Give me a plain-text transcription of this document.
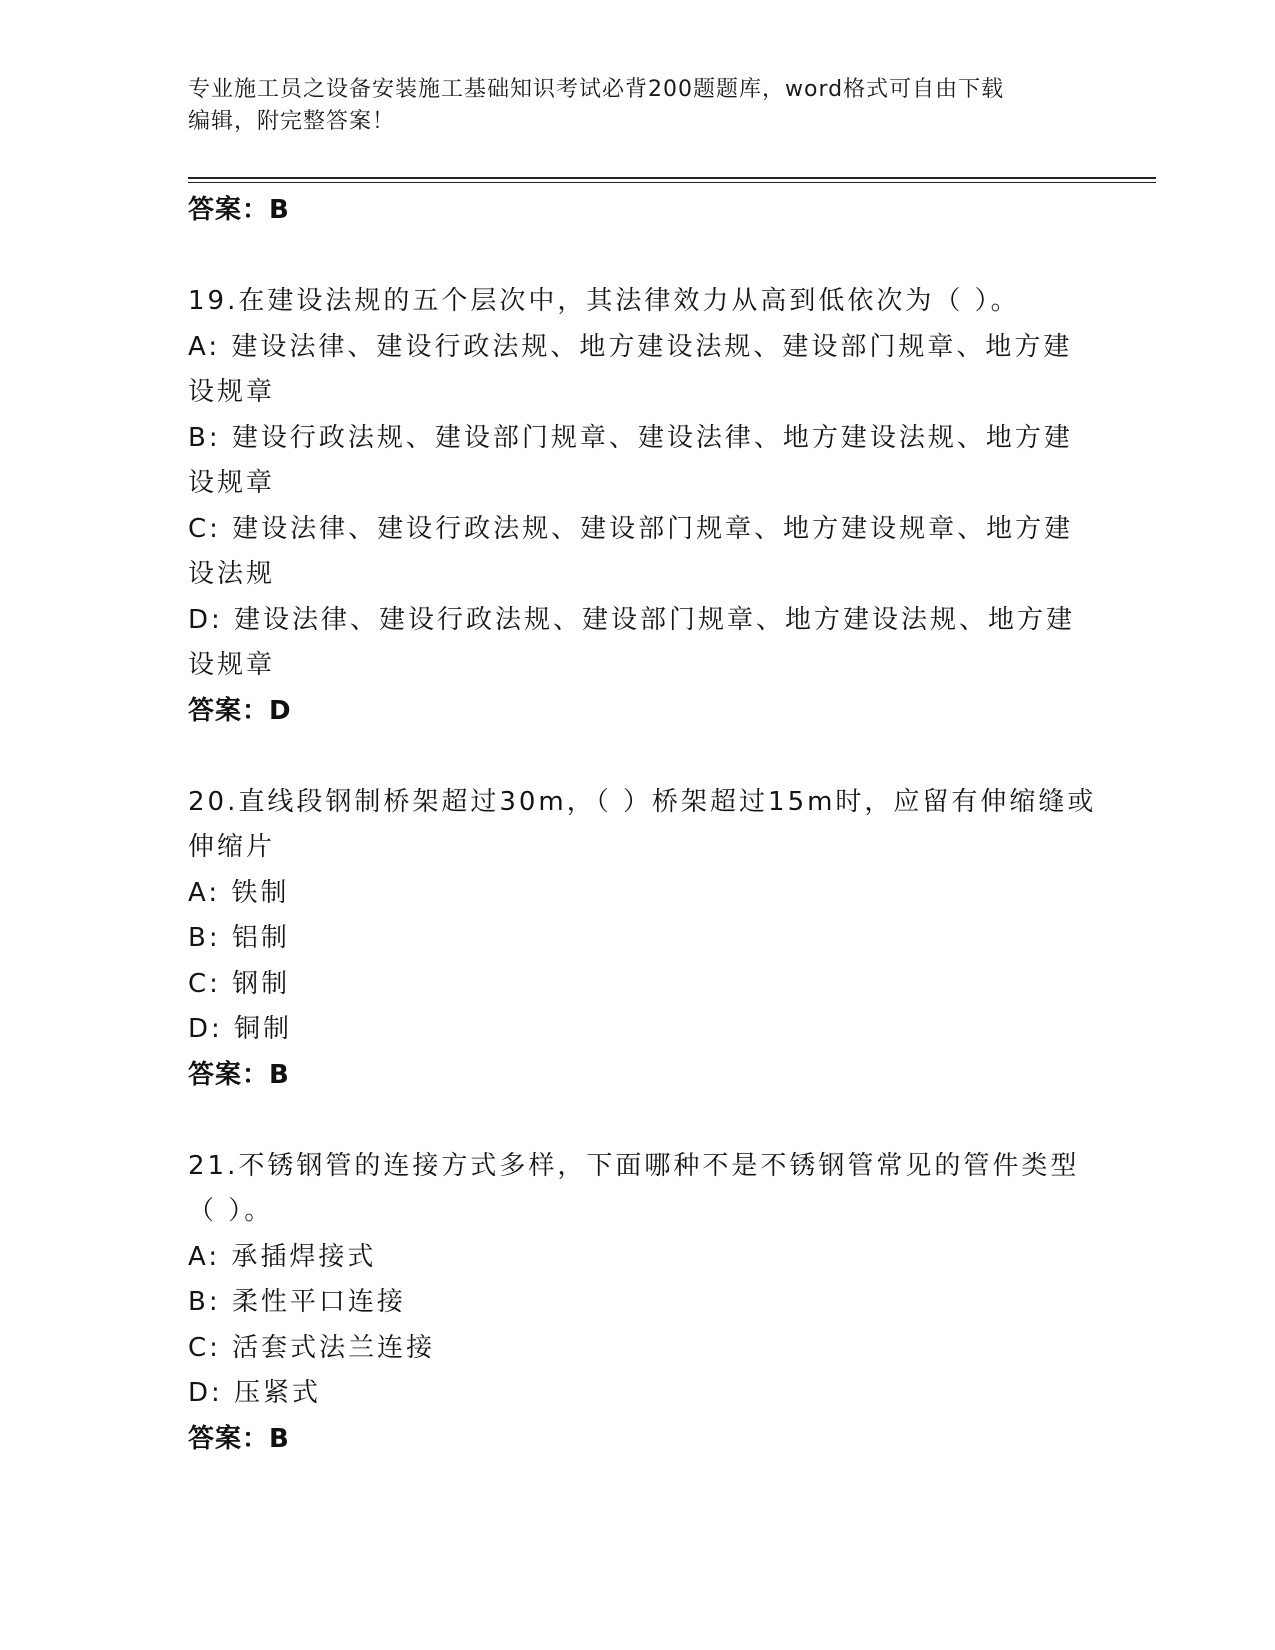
专业施工员之设备安装施工基础知识考试必背200题题库，word格式可自由下载
编辑，附完整答案！
答案：B
19.在建设法规的五个层次中，其法律效力从高到低依次为（ ）。
A: 建设法律、建设行政法规、地方建设法规、建设部门规章、地方建
设规章
B: 建设行政法规、建设部门规章、建设法律、地方建设法规、地方建
设规章
C: 建设法律、建设行政法规、建设部门规章、地方建设规章、地方建
设法规
D: 建设法律、建设行政法规、建设部门规章、地方建设法规、地方建
设规章
答案：D
20.直线段钢制桥架超过30m，（ ）桥架超过15m时，应留有伸缩缝或
伸缩片
A: 铁制
B: 铝制
C: 钢制
D: 铜制
答案：B
21.不锈钢管的连接方式多样，下面哪种不是不锈钢管常见的管件类型
（ ）。
A: 承插焊接式
B: 柔性平口连接
C: 活套式法兰连接
D: 压紧式
答案：B
